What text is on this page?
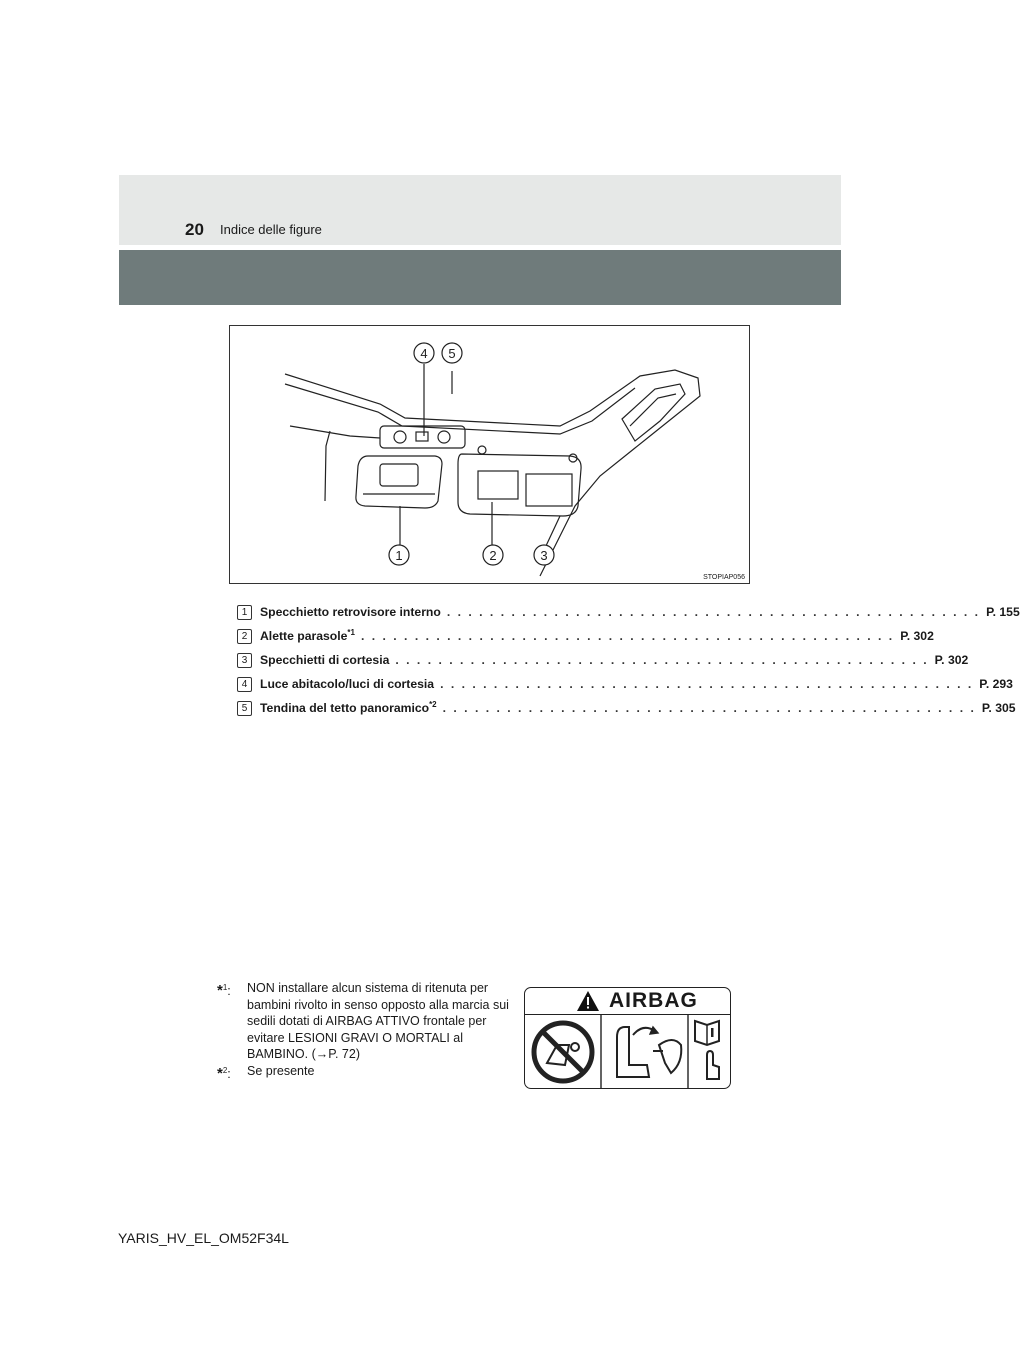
20 Indice delle figure
4 5
1	2	3
STOPIAP056
1	Specchietto retrovisore interno . . . . . . . . . . . . . . . . . . . . . . . . . . . . . . . . . . . . . . . . . . . . . . . . . . P. 155
2	Alette parasole$^{*1}$ . . . . . . . . . . . . . . . . . . . . . . . . . . . . . . . . . . . . . . . . . . . . . . . . . . P. 302
3	Specchietti di cortesia . . . . . . . . . . . . . . . . . . . . . . . . . . . . . . . . . . . . . . . . . . . . . . . . . . P. 302
4	Luce abitacolo/luci di cortesia . . . . . . . . . . . . . . . . . . . . . . . . . . . . . . . . . . . . . . . . . . . . . . . . . . P. 293
5	Tendina del tetto panoramico$^{*2}$ . . . . . . . . . . . . . . . . . . . . . . . . . . . . . . . . . . . . . . . . . . . . . . . . . . P. 305
*$^1$:	NON installare alcun sistema di ritenuta per bambini rivolto in senso opposto alla marcia sui sedili dotati di AIRBAG ATTIVO frontale per evitare LESIONI GRAVI O MORTALI al BAMBINO. (→P. 72)
*$^2$:	Se presente
AIRBAG
YARIS_HV_EL_OM52F34L
